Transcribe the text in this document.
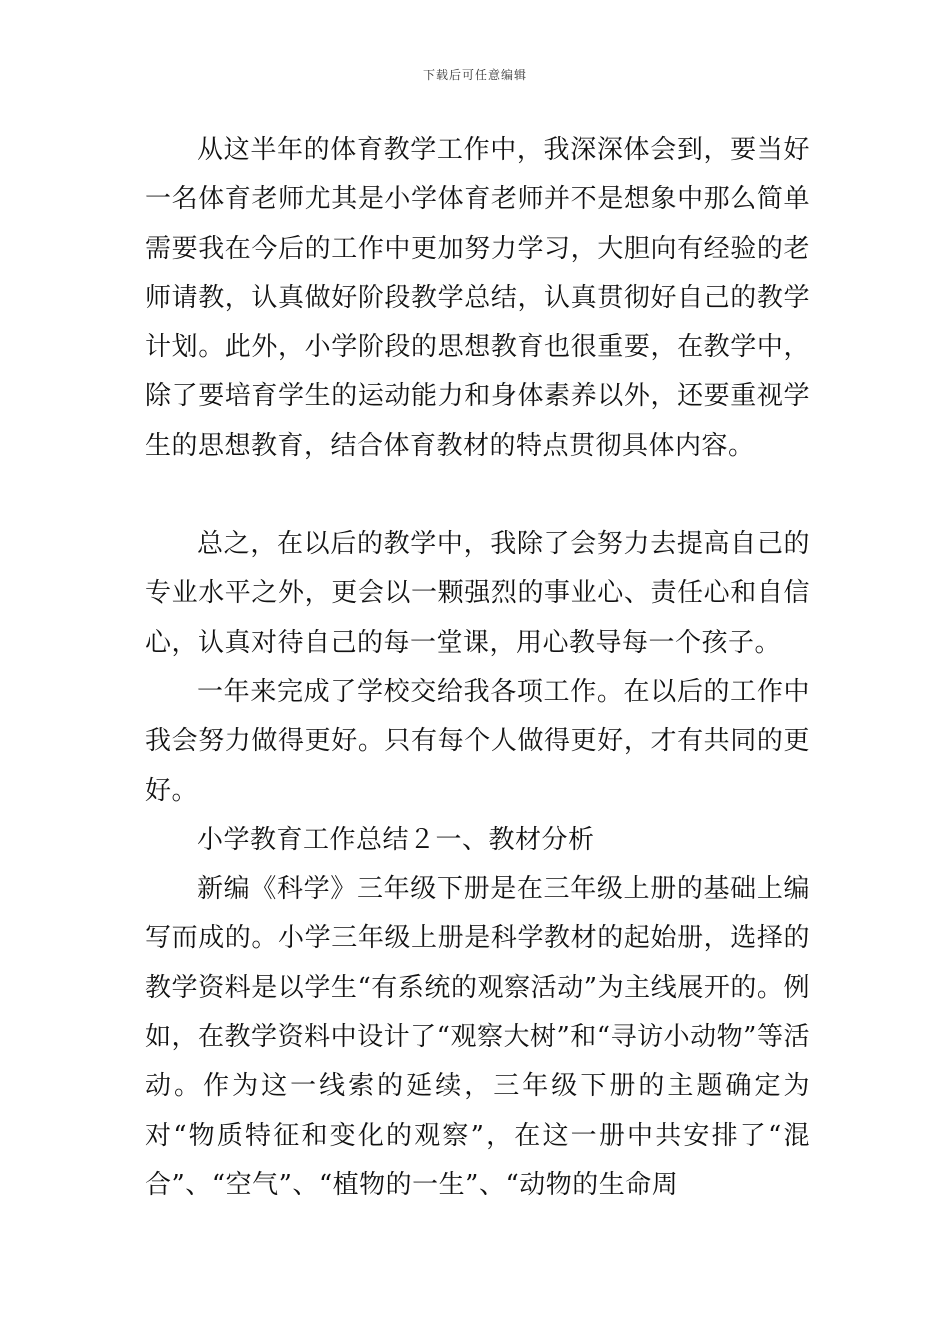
下载后可任意编辑

从这半年的体育教学工作中，我深深体会到，要当好一名体育老师尤其是小学体育老师并不是想象中那么简单需要我在今后的工作中更加努力学习，大胆向有经验的老师请教，认真做好阶段教学总结，认真贯彻好自己的教学计划。此外，小学阶段的思想教育也很重要，在教学中，除了要培育学生的运动能力和身体素养以外，还要重视学生的思想教育，结合体育教材的特点贯彻具体内容。

总之，在以后的教学中，我除了会努力去提高自己的专业水平之外，更会以一颗强烈的事业心、责任心和自信心，认真对待自己的每一堂课，用心教导每一个孩子。

一年来完成了学校交给我各项工作。在以后的工作中我会努力做得更好。只有每个人做得更好，才有共同的更好。

小学教育工作总结２一、教材分析

新编《科学》三年级下册是在三年级上册的基础上编写而成的。小学三年级上册是科学教材的起始册，选择的教学资料是以学生“有系统的观察活动”为主线展开的。例如，在教学资料中设计了“观察大树”和“寻访小动物”等活动。作为这一线索的延续，三年级下册的主题确定为对“物质特征和变化的观察”，在这一册中共安排了“混合”、“空气”、“植物的一生”、“动物的生命周
